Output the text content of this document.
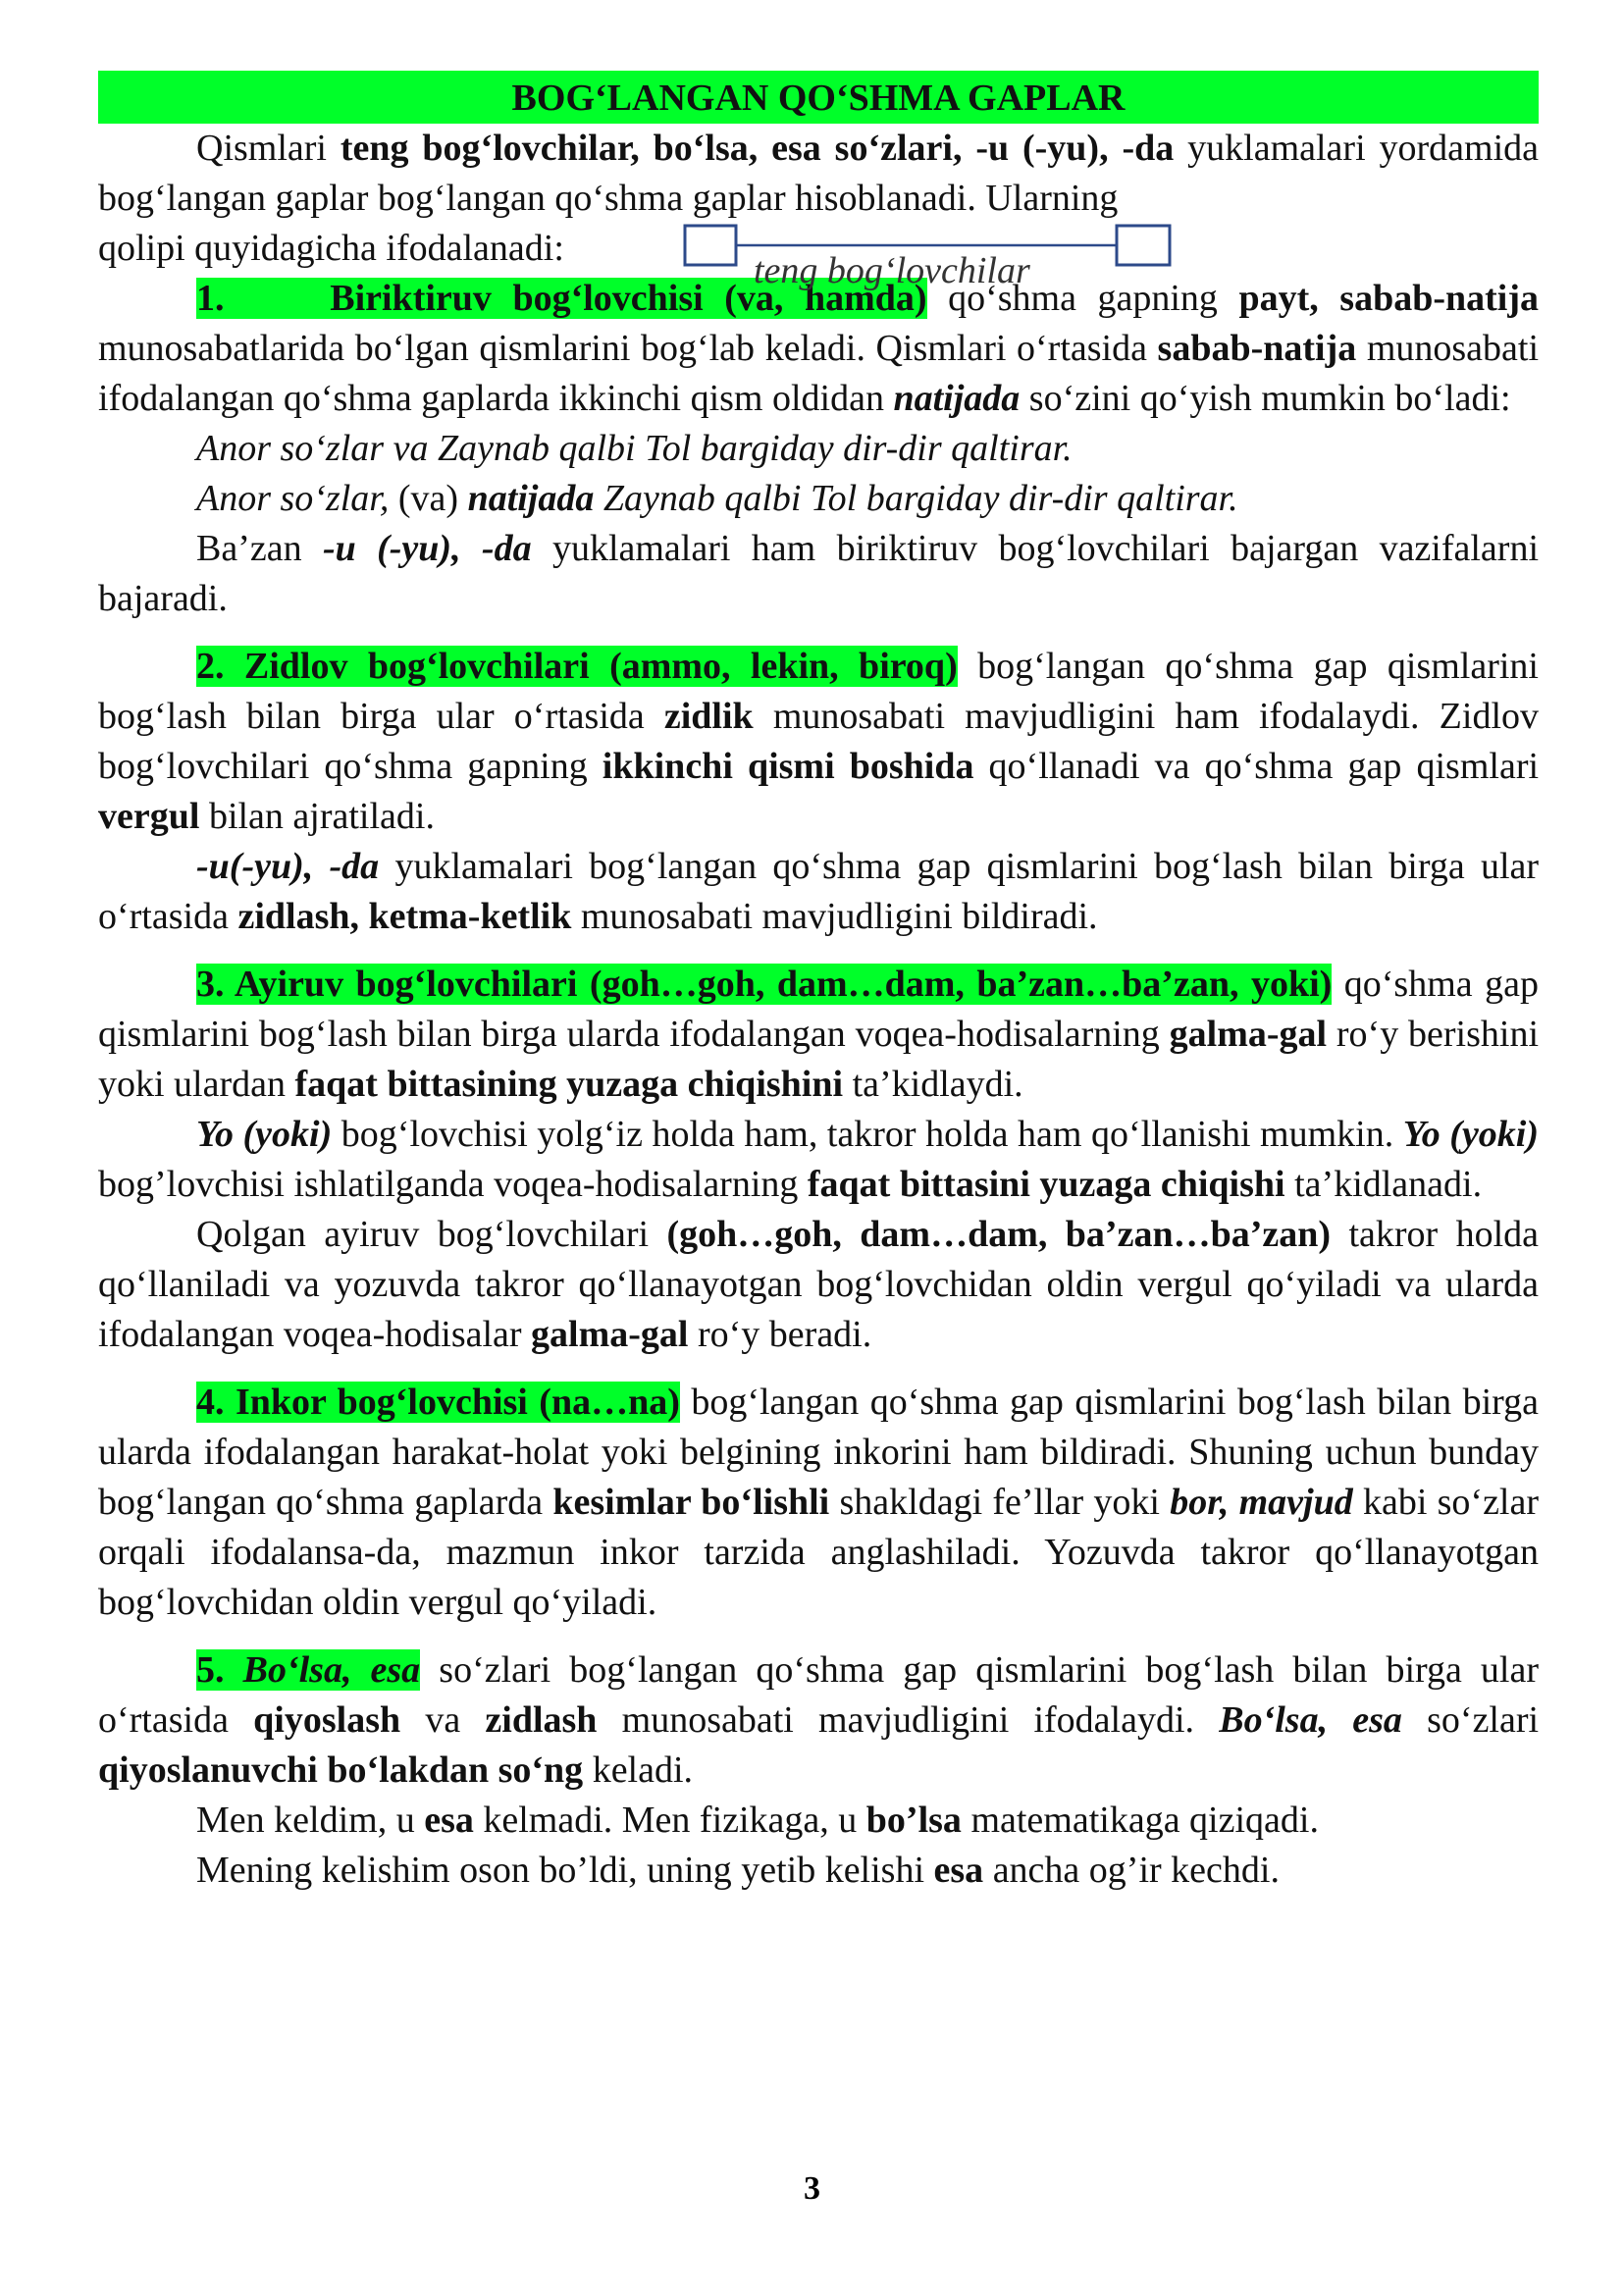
BOG‘LANGAN QO‘SHMA GAPLAR

Qismlari teng bog‘lovchilar, bo‘lsa, esa so‘zlari, -u (-yu), -da yuklamalari yordamida bog‘langan gaplar bog‘langan qo‘shma gaplar hisoblanadi. Ularning

qolipi quyidagicha ifodalanadi:
teng bog‘lovchilar

1.     Biriktiruv bog‘lovchisi (va, hamda) qo‘shma gapning payt, sabab-natija munosabatlarida bo‘lgan qismlarini bog‘lab keladi. Qismlari o‘rtasida sabab-natija munosabati ifodalangan qo‘shma gaplarda ikkinchi qism oldidan natijada so‘zini qo‘yish mumkin bo‘ladi:

Anor so‘zlar va Zaynab qalbi Tol bargiday dir-dir qaltirar.

Anor so‘zlar, (va) natijada Zaynab qalbi Tol bargiday dir-dir qaltirar.

Ba’zan -u (-yu), -da yuklamalari ham biriktiruv bog‘lovchilari bajargan vazifalarni bajaradi.

2. Zidlov bog‘lovchilari (ammo, lekin, biroq) bog‘langan qo‘shma gap qismlarini bog‘lash bilan birga ular o‘rtasida zidlik munosabati mavjudligini ham ifodalaydi. Zidlov bog‘lovchilari qo‘shma gapning ikkinchi qismi boshida qo‘llanadi va qo‘shma gap qismlari vergul bilan ajratiladi.

-u(-yu), -da yuklamalari bog‘langan qo‘shma gap qismlarini bog‘lash bilan birga ular o‘rtasida zidlash, ketma-ketlik munosabati mavjudligini bildiradi.

3. Ayiruv bog‘lovchilari (goh…goh, dam…dam, ba’zan…ba’zan, yoki) qo‘shma gap qismlarini bog‘lash bilan birga ularda ifodalangan voqea-hodisalarning galma-gal ro‘y berishini yoki ulardan faqat bittasining yuzaga chiqishini ta’kidlaydi.

Yo (yoki) bog‘lovchisi yolg‘iz holda ham, takror holda ham qo‘llanishi mumkin. Yo (yoki) bog’lovchisi ishlatilganda voqea-hodisalarning faqat bittasini yuzaga chiqishi ta’kidlanadi.

Qolgan ayiruv bog‘lovchilari (goh…goh, dam…dam, ba’zan…ba’zan) takror holda qo‘llaniladi va yozuvda takror qo‘llanayotgan bog‘lovchidan oldin vergul qo‘yiladi va ularda ifodalangan voqea-hodisalar galma-gal ro‘y beradi.

4. Inkor bog‘lovchisi (na…na) bog‘langan qo‘shma gap qismlarini bog‘lash bilan birga ularda ifodalangan harakat-holat yoki belgining inkorini ham bildiradi. Shuning uchun bunday bog‘langan qo‘shma gaplarda kesimlar bo‘lishli shakldagi fe’llar yoki bor, mavjud kabi so‘zlar orqali ifodalansa-da, mazmun inkor tarzida anglashiladi. Yozuvda takror qo‘llanayotgan bog‘lovchidan oldin vergul qo‘yiladi.

5. Bo‘lsa, esa so‘zlari bog‘langan qo‘shma gap qismlarini bog‘lash bilan birga ular o‘rtasida qiyoslash va zidlash munosabati mavjudligini ifodalaydi. Bo‘lsa, esa so‘zlari qiyoslanuvchi bo‘lakdan so‘ng keladi.

Men keldim, u esa kelmadi. Men fizikaga, u bo’lsa matematikaga qiziqadi.

Mening kelishim oson bo’ldi, uning yetib kelishi esa ancha og’ir kechdi.

3
